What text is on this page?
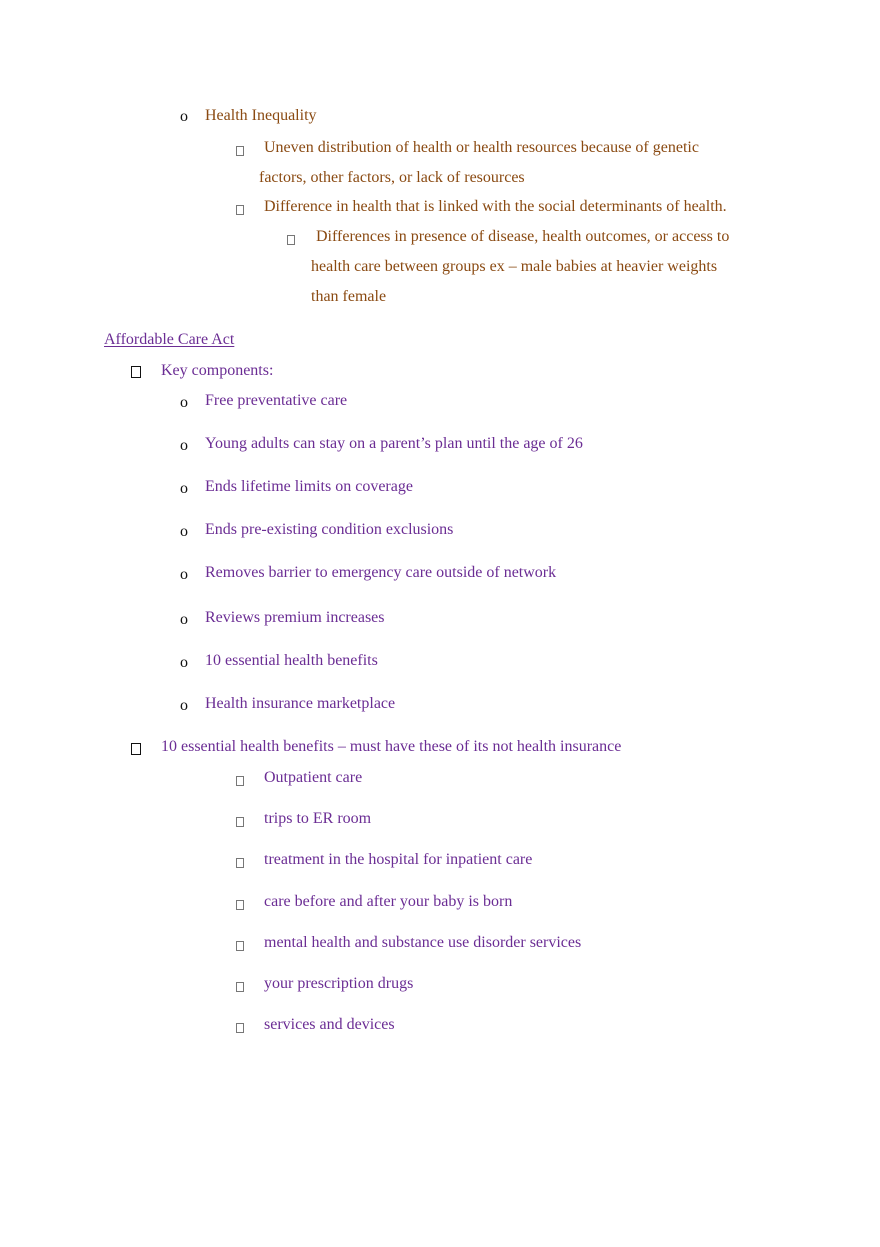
o Health Inequality
Uneven distribution of health or health resources because of genetic
factors, other factors, or lack of resources
Difference in health that is linked with the social determinants of health.
Differences in presence of disease, health outcomes, or access to
health care between groups ex – male babies at heavier weights
than female
Affordable Care Act
Key components:
o Free preventative care
o Young adults can stay on a parent’s plan until the age of 26
o Ends lifetime limits on coverage
o Ends pre-existing condition exclusions
o Removes barrier to emergency care outside of network
o Reviews premium increases
o 10 essential health benefits
o Health insurance marketplace
10 essential health benefits – must have these of its not health insurance
Outpatient care
trips to ER room
treatment in the hospital for inpatient care
care before and after your baby is born
mental health and substance use disorder services
your prescription drugs
services and devices
